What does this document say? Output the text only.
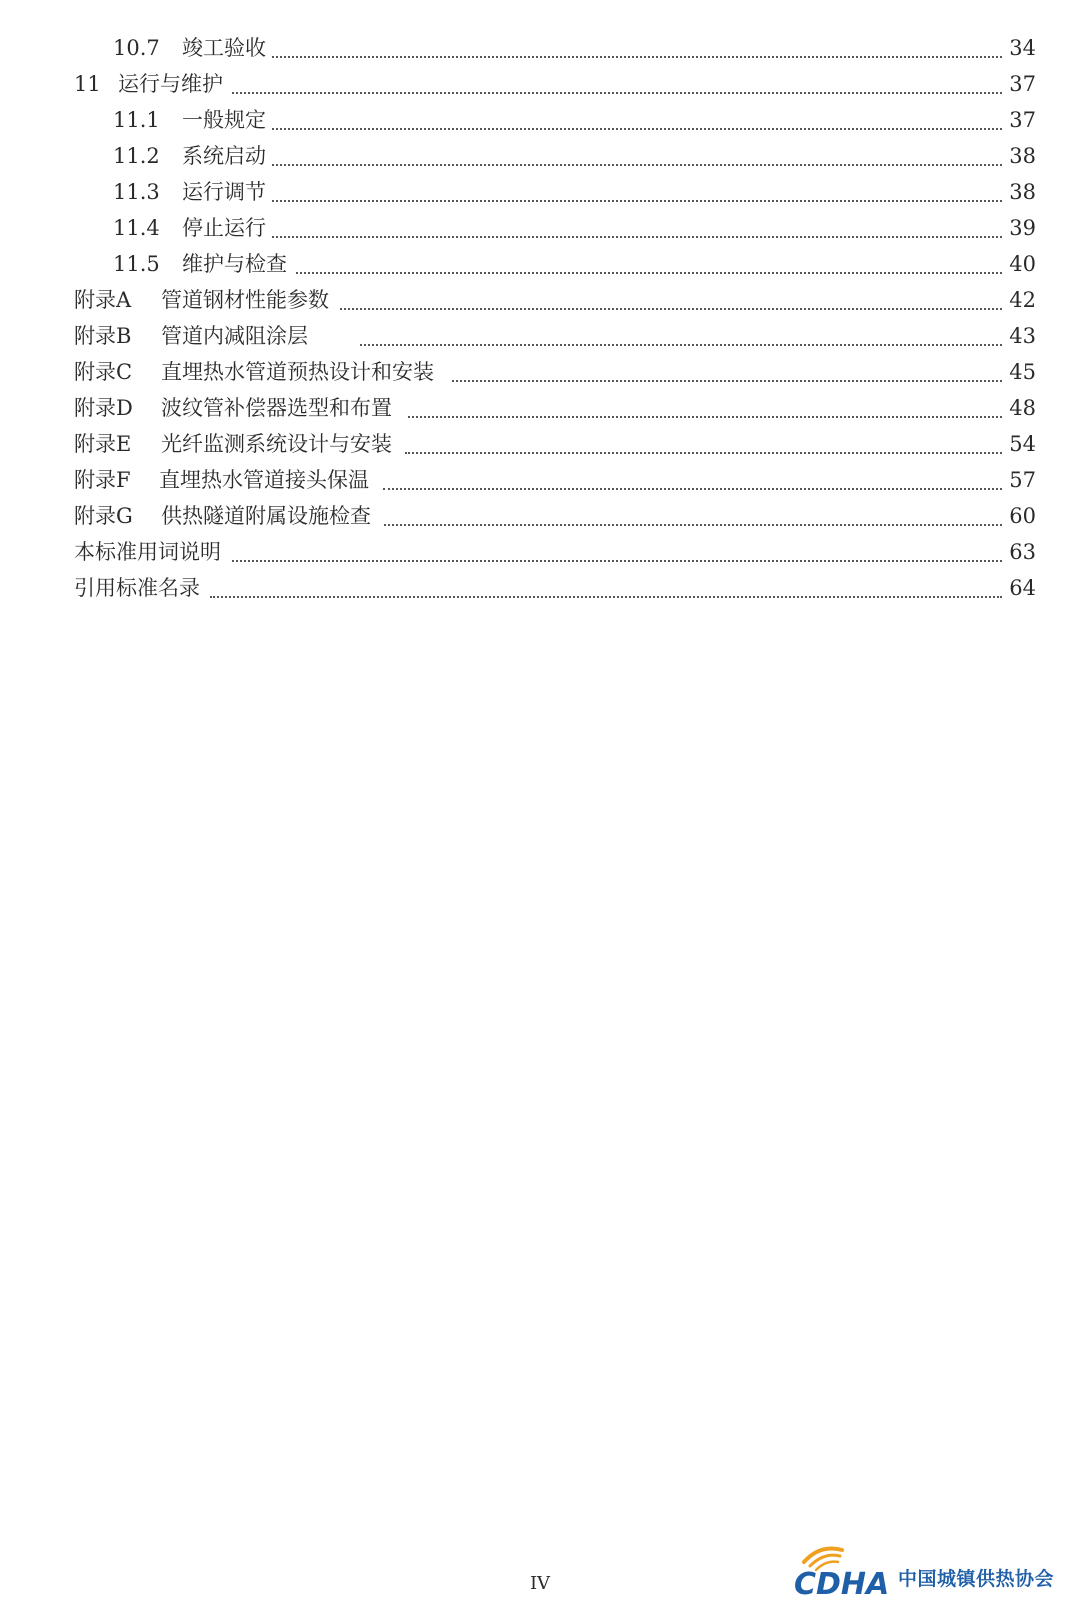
10.7 竣工验收	34
11 运行与维护	37
11.1 一般规定	37
11.2 系统启动	38
11.3 运行调节	38
11.4 停止运行	39
11.5 维护与检查	40
附录A 管道钢材性能参数	42
附录B 管道内减阻涂层	43
附录C 直埋热水管道预热设计和安装	45
附录D 波纹管补偿器选型和布置	48
附录E 光纤监测系统设计与安装	54
附录F 直埋热水管道接头保温	57
附录G 供热隧道附属设施检查	60
本标准用词说明	63
引用标准名录	64
IV	CDHA 中国城镇供热协会
